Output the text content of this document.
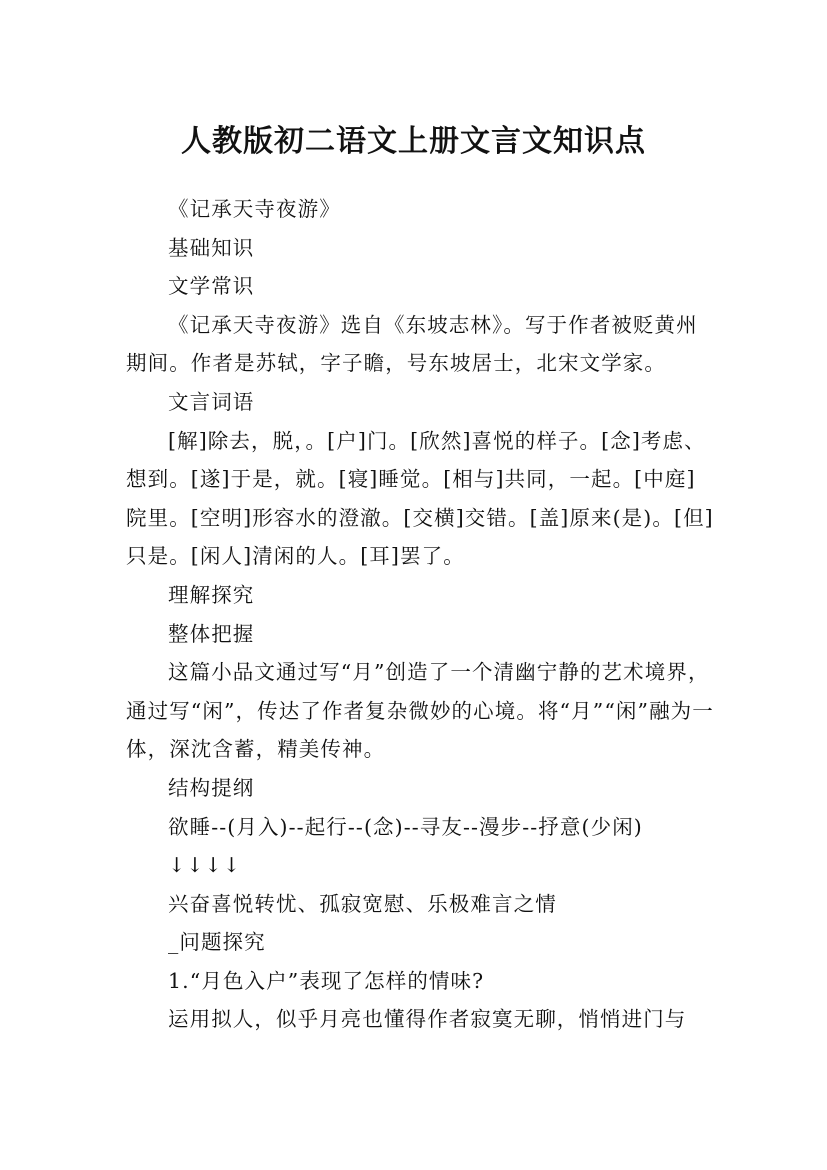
人教版初二语文上册文言文知识点

《记承天寺夜游》

基础知识

文学常识

《记承天寺夜游》选自《东坡志林》。写于作者被贬黄州期间。作者是苏轼，字子瞻，号东坡居士，北宋文学家。

文言词语

[解]除去，脱，。[户]门。[欣然]喜悦的样子。[念]考虑、想到。[遂]于是，就。[寝]睡觉。[相与]共同，一起。[中庭]院里。[空明]形容水的澄澈。[交横]交错。[盖]原来(是)。[但]只是。[闲人]清闲的人。[耳]罢了。

理解探究

整体把握

这篇小品文通过写“月”创造了一个清幽宁静的艺术境界，通过写“闲”，传达了作者复杂微妙的心境。将“月”“闲”融为一体，深沈含蓄，精美传神。

结构提纲

欲睡--(月入)--起行--(念)--寻友--漫步--抒意(少闲)

↓↓↓↓

兴奋喜悦转忧、孤寂宽慰、乐极难言之情

_问题探究

1.“月色入户”表现了怎样的情味?

运用拟人，似乎月亮也懂得作者寂寞无聊，悄悄进门与
